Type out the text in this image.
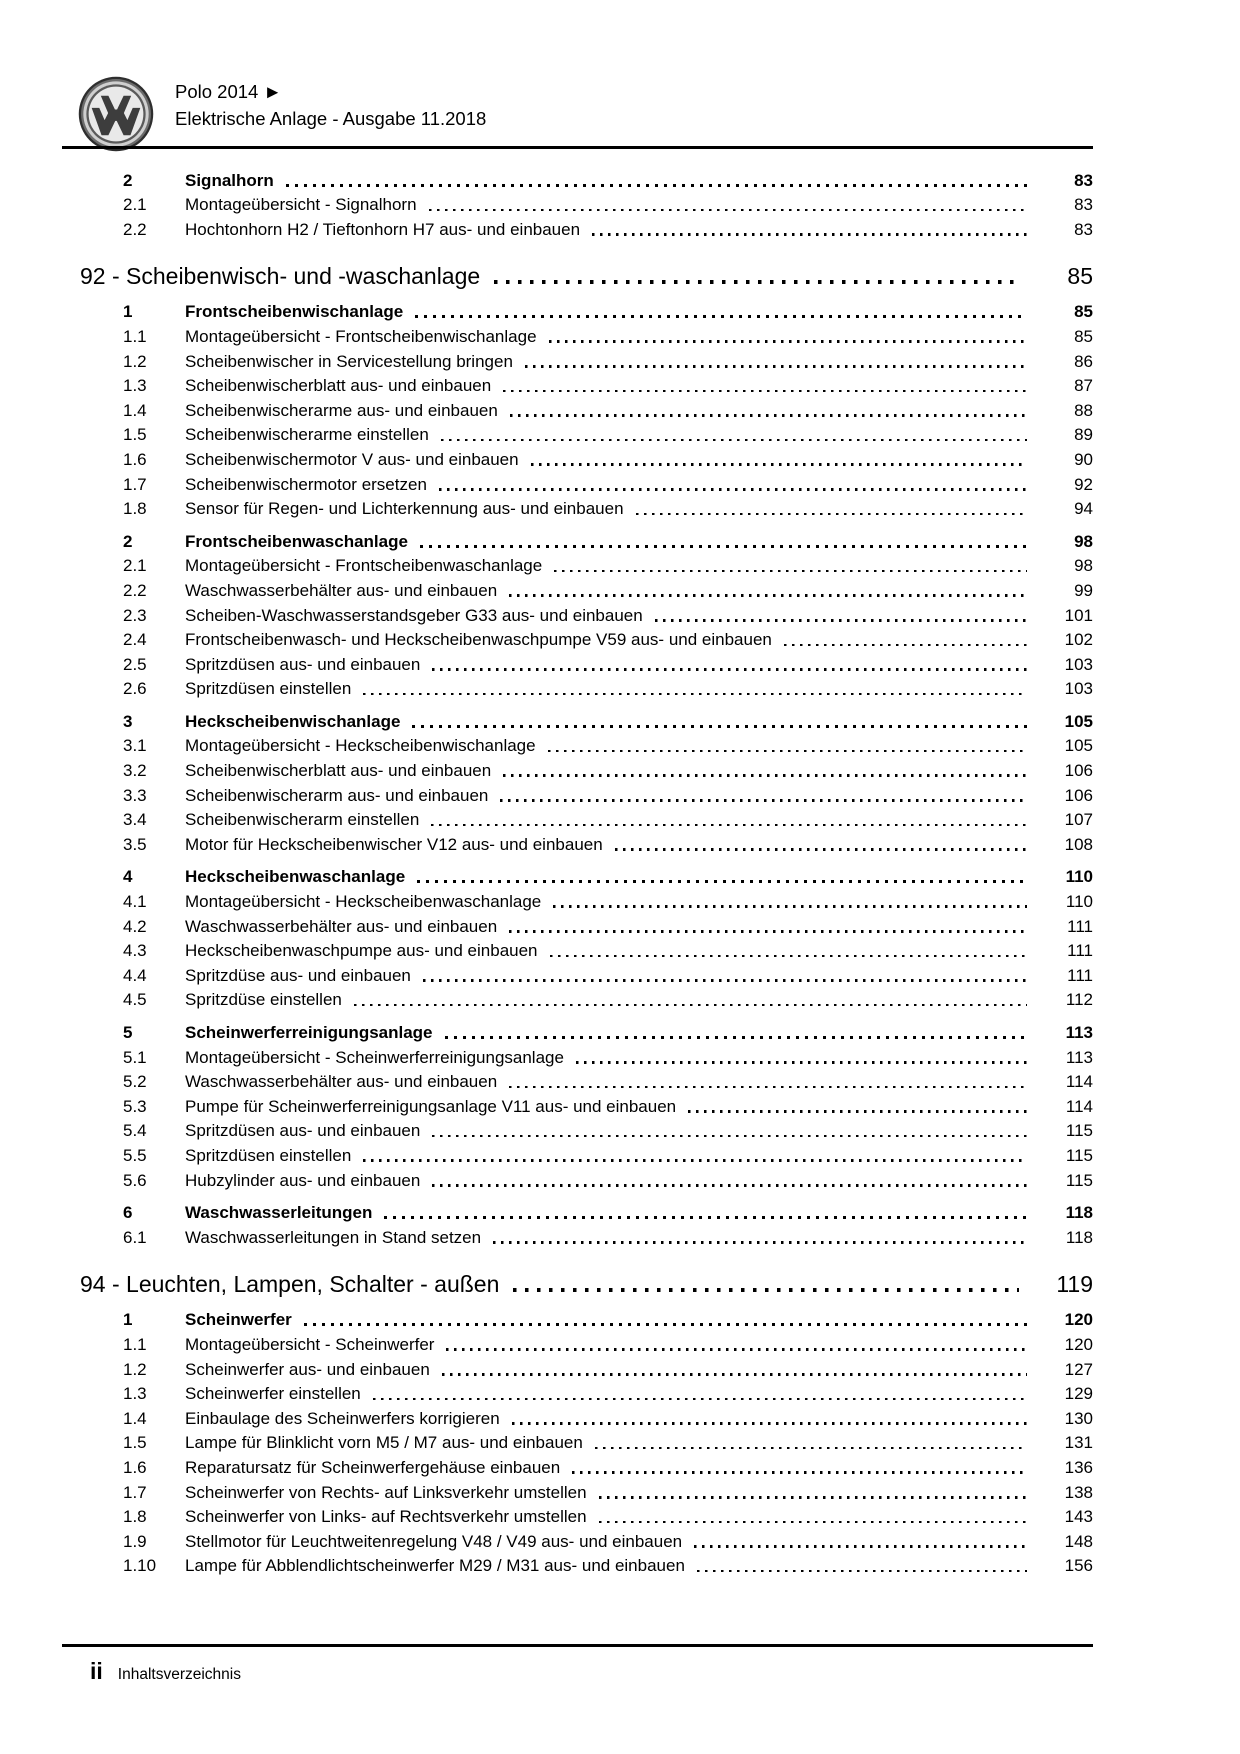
Polo 2014 ►
Elektrische Anlage - Ausgabe 11.2018
2	Signalhorn	83
2.1	Montageübersicht - Signalhorn	83
2.2	Hochtonhorn H2 / Tieftonhorn H7 aus- und einbauen	83
92 - Scheibenwisch- und -waschanlage	85
1	Frontscheibenwischanlage	85
1.1	Montageübersicht - Frontscheibenwischanlage	85
1.2	Scheibenwischer in Servicestellung bringen	86
1.3	Scheibenwischerblatt aus- und einbauen	87
1.4	Scheibenwischerarme aus- und einbauen	88
1.5	Scheibenwischerarme einstellen	89
1.6	Scheibenwischermotor V aus- und einbauen	90
1.7	Scheibenwischermotor ersetzen	92
1.8	Sensor für Regen- und Lichterkennung aus- und einbauen	94
2	Frontscheibenwaschanlage	98
2.1	Montageübersicht - Frontscheibenwaschanlage	98
2.2	Waschwasserbehälter aus- und einbauen	99
2.3	Scheiben-Waschwasserstandsgeber G33 aus- und einbauen	101
2.4	Frontscheibenwasch- und Heckscheibenwaschpumpe V59 aus- und einbauen	102
2.5	Spritzdüsen aus- und einbauen	103
2.6	Spritzdüsen einstellen	103
3	Heckscheibenwischanlage	105
3.1	Montageübersicht - Heckscheibenwischanlage	105
3.2	Scheibenwischerblatt aus- und einbauen	106
3.3	Scheibenwischerarm aus- und einbauen	106
3.4	Scheibenwischerarm einstellen	107
3.5	Motor für Heckscheibenwischer V12 aus- und einbauen	108
4	Heckscheibenwaschanlage	110
4.1	Montageübersicht - Heckscheibenwaschanlage	110
4.2	Waschwasserbehälter aus- und einbauen	111
4.3	Heckscheibenwaschpumpe aus- und einbauen	111
4.4	Spritzdüse aus- und einbauen	111
4.5	Spritzdüse einstellen	112
5	Scheinwerferreinigungsanlage	113
5.1	Montageübersicht - Scheinwerferreinigungsanlage	113
5.2	Waschwasserbehälter aus- und einbauen	114
5.3	Pumpe für Scheinwerferreinigungsanlage V11 aus- und einbauen	114
5.4	Spritzdüsen aus- und einbauen	115
5.5	Spritzdüsen einstellen	115
5.6	Hubzylinder aus- und einbauen	115
6	Waschwasserleitungen	118
6.1	Waschwasserleitungen in Stand setzen	118
94 - Leuchten, Lampen, Schalter - außen	119
1	Scheinwerfer	120
1.1	Montageübersicht - Scheinwerfer	120
1.2	Scheinwerfer aus- und einbauen	127
1.3	Scheinwerfer einstellen	129
1.4	Einbaulage des Scheinwerfers korrigieren	130
1.5	Lampe für Blinklicht vorn M5 / M7 aus- und einbauen	131
1.6	Reparatursatz für Scheinwerfergehäuse einbauen	136
1.7	Scheinwerfer von Rechts- auf Linksverkehr umstellen	138
1.8	Scheinwerfer von Links- auf Rechtsverkehr umstellen	143
1.9	Stellmotor für Leuchtweitenregelung V48 / V49 aus- und einbauen	148
1.10	Lampe für Abblendlichtscheinwerfer M29 / M31 aus- und einbauen	156
ii Inhaltsverzeichnis
